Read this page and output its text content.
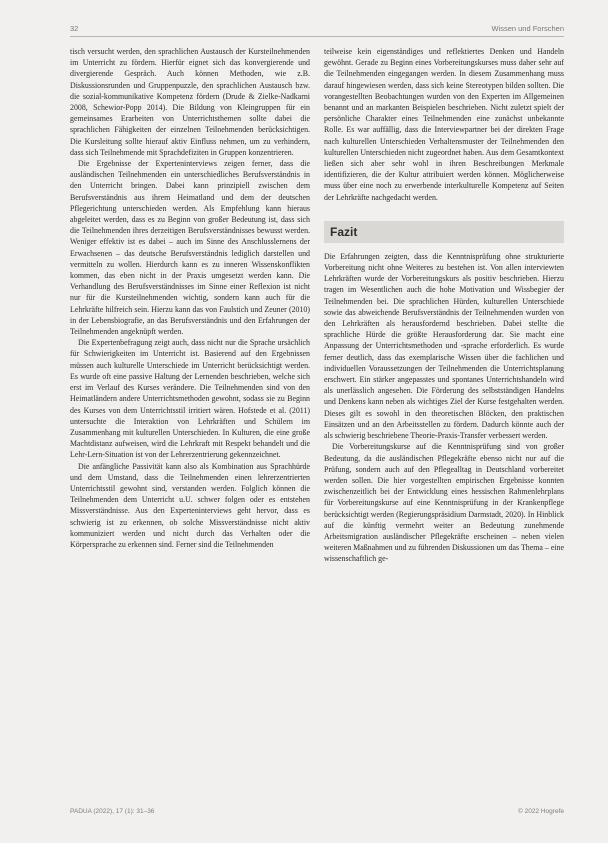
32	Wissen und Forschen

tisch versucht werden, den sprachlichen Austausch der Kursteilnehmenden im Unterricht zu fördern. Hierfür eignet sich das konvergierende und divergierende Gespräch. Auch können Methoden, wie z.B. Diskussionsrunden und Gruppenpuzzle, den sprachlichen Austausch bzw. die sozial-kommunikative Kompetenz fördern (Drude & Zielke-Nadkarni 2008, Schewior-Popp 2014). Die Bildung von Kleingruppen für ein gemeinsames Erarbeiten von Unterrichtsthemen sollte dabei die sprachlichen Fähigkeiten der einzelnen Teilnehmenden berücksichtigen. Die Kursleitung sollte hierauf aktiv Einfluss nehmen, um zu verhindern, dass sich Teilnehmende mit Sprachdefiziten in Gruppen konzentrieren.

Die Ergebnisse der Experteninterviews zeigen ferner, dass die ausländischen Teilnehmenden ein unterschiedliches Berufsverständnis in den Unterricht bringen. Dabei kann prinzipiell zwischen dem Berufsverständnis aus ihrem Heimatland und dem der deutschen Pflegerichtung unterschieden werden. Als Empfehlung kann hieraus abgeleitet werden, dass es zu Beginn von großer Bedeutung ist, dass sich die Teilnehmenden ihres derzeitigen Berufsverständnisses bewusst werden. Weniger effektiv ist es dabei – auch im Sinne des Anschlusslernens der Erwachsenen – das deutsche Berufsverständnis lediglich darstellen und vermitteln zu wollen. Hierdurch kann es zu inneren Wissenskonflikten kommen, das eben nicht in der Praxis umgesetzt werden kann. Die Verhandlung des Berufsverständnisses im Sinne einer Reflexion ist nicht nur für die Kursteilnehmenden wichtig, sondern kann auch für die Lehrkräfte hilfreich sein. Hierzu kann das von Faulstich und Zeuner (2010) in der Lebensbiografie, an das Berufsverständnis und den Erfahrungen der Teilnehmenden angeknüpft werden.

Die Expertenbefragung zeigt auch, dass nicht nur die Sprache ursächlich für Schwierigkeiten im Unterricht ist. Basierend auf den Ergebnissen müssen auch kulturelle Unterschiede im Unterricht berücksichtigt werden. Es wurde oft eine passive Haltung der Lernenden beschrieben, welche sich erst im Verlauf des Kurses verändere. Die Teilnehmenden sind von den Heimatländern andere Unterrichtsmethoden gewohnt, sodass sie zu Beginn des Kurses von dem Unterrichtsstil irritiert wären. Hofstede et al. (2011) untersuchte die Interaktion von Lehrkräften und Schülern im Zusammenhang mit kulturellen Unterschieden. In Kulturen, die eine große Machtdistanz aufweisen, wird die Lehrkraft mit Respekt behandelt und die Lehr-Lern-Situation ist von der Lehrerzentrierung gekennzeichnet.

Die anfängliche Passivität kann also als Kombination aus Sprachhürde und dem Umstand, dass die Teilnehmenden einen lehrerzentrierten Unterrichtsstil gewohnt sind, verstanden werden. Folglich können die Teilnehmenden dem Unterricht u.U. schwer folgen oder es entstehen Missverständnisse. Aus den Experteninterviews geht hervor, dass es schwierig ist zu erkennen, ob solche Missverständnisse nicht aktiv kommuniziert werden und nicht durch das Verhalten oder die Körpersprache zu erkennen sind. Ferner sind die Teilnehmenden

teilweise kein eigenständiges und reflektiertes Denken und Handeln gewöhnt. Gerade zu Beginn eines Vorbereitungskurses muss daher sehr auf die Teilnehmenden eingegangen werden. In diesem Zusammenhang muss darauf hingewiesen werden, dass sich keine Stereotypen bilden sollten. Die vorangestellten Beobachtungen wurden von den Experten im Allgemeinen benannt und an markanten Beispielen beschrieben. Nicht zuletzt spielt der persönliche Charakter eines Teilnehmenden eine zunächst unbekannte Rolle. Es war auffällig, dass die Interviewpartner bei der direkten Frage nach kulturellen Unterschieden Verhaltensmuster der Teilnehmenden den kulturellen Unterschieden nicht zugeordnet haben. Aus dem Gesamtkontext ließen sich aber sehr wohl in ihren Beschreibungen Merkmale identifizieren, die der Kultur attribuiert werden können. Möglicherweise muss über eine noch zu erwerbende interkulturelle Kompetenz auf Seiten der Lehrkräfte nachgedacht werden.

Fazit

Die Erfahrungen zeigten, dass die Kenntnisprüfung ohne strukturierte Vorbereitung nicht ohne Weiteres zu bestehen ist. Von allen interviewten Lehrkräften wurde der Vorbereitungskurs als positiv beschrieben. Hierzu tragen im Wesentlichen auch die hohe Motivation und Wissbegier der Teilnehmenden bei. Die sprachlichen Hürden, kulturellen Unterschiede sowie das abweichende Berufsverständnis der Teilnehmenden wurden von den Lehrkräften als herausfordernd beschrieben. Dabei stellte die sprachliche Hürde die größte Herausforderung dar. Sie macht eine Anpassung der Unterrichtsmethoden und -sprache erforderlich. Es wurde ferner deutlich, dass das exemplarische Wissen über die fachlichen und individuellen Voraussetzungen der Teilnehmenden die Unterrichtsplanung erschwert. Ein stärker angepasstes und spontanes Unterrichtshandeln wird als unerlässlich angesehen. Die Förderung des selbstständigen Handelns und Denkens kann neben als wichtiges Ziel der Kurse festgehalten werden. Dieses gilt es sowohl in den theoretischen Blöcken, den praktischen Einsätzen und an den Arbeitsstellen zu fördern. Dadurch könnte auch der als schwierig beschriebene Theorie-Praxis-Transfer verbessert werden.

Die Vorbereitungskurse auf die Kenntnisprüfung sind von großer Bedeutung, da die ausländischen Pflegekräfte ebenso nicht nur auf die Prüfung, sondern auch auf den Pflegealltag in Deutschland vorbereitet werden sollen. Die hier vorgestellten empirischen Ergebnisse konnten zwischenzeitlich bei der Entwicklung eines hessischen Rahmenlehrplans für Vorbereitungskurse auf eine Kenntnisprüfung in der Krankenpflege berücksichtigt werden (Regierungspräsidium Darmstadt, 2020). In Hinblick auf die künftig vermehrt weiter an Bedeutung zunehmende Arbeitsmigration ausländischer Pflegekräfte erscheinen – neben vielen weiteren Maßnahmen und zu führenden Diskussionen um das Thema – eine wissenschaftlich ge-

PADUA (2022), 17 (1): 31–36	© 2022 Hogrefe
